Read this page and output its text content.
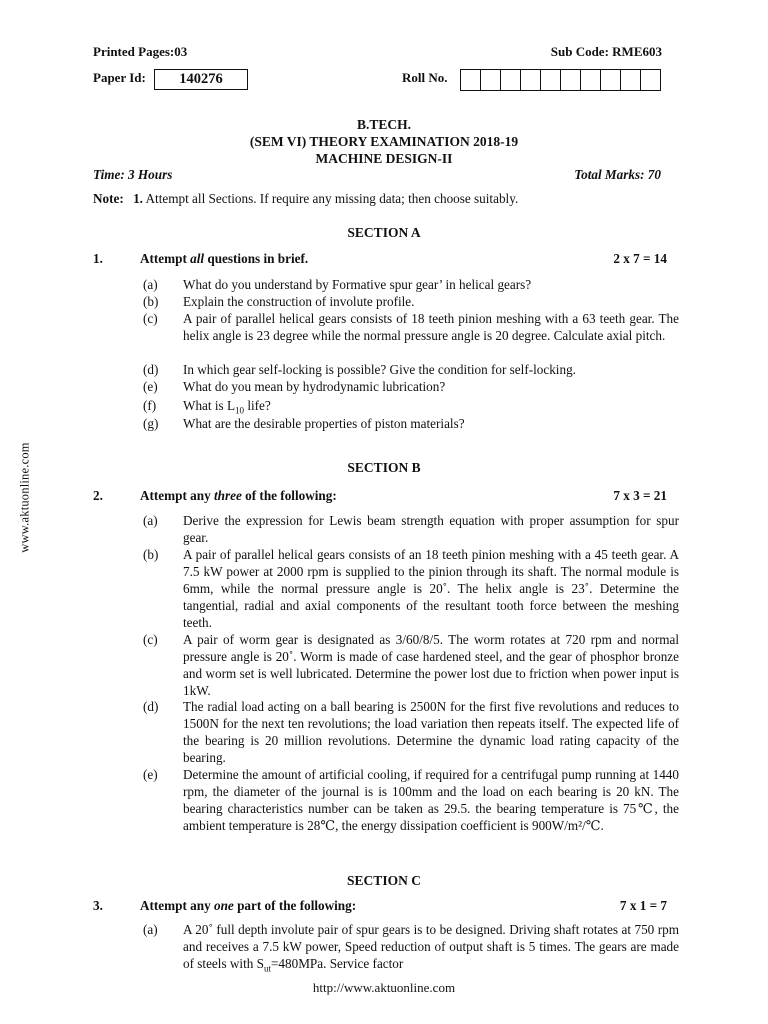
Printed Pages:03	Sub Code: RME603
Paper Id:	140276	Roll No.
B.TECH.
(SEM VI) THEORY EXAMINATION 2018-19
MACHINE DESIGN-II
Time: 3 Hours	Total Marks: 70
Note: 1. Attempt all Sections. If require any missing data; then choose suitably.
SECTION A
1.	Attempt all questions in brief.	2 x 7 = 14
(a)	What do you understand by Formative spur gear’ in helical gears?
(b)	Explain the construction of involute profile.
(c)	A pair of parallel helical gears consists of 18 teeth pinion meshing with a 63 teeth gear. The helix angle is 23 degree while the normal pressure angle is 20 degree. Calculate axial pitch.
(d)	In which gear self-locking is possible? Give the condition for self-locking.
(e)	What do you mean by hydrodynamic lubrication?
(f)	What is $L_{10}$ life?
(g)	What are the desirable properties of piston materials?
SECTION B
2.	Attempt any three of the following:	7 x 3 = 21
(a)	Derive the expression for Lewis beam strength equation with proper assumption for spur gear.
(b)	A pair of parallel helical gears consists of an 18 teeth pinion meshing with a 45 teeth gear. A 7.5 kW power at 2000 rpm is supplied to the pinion through its shaft. The normal module is 6mm, while the normal pressure angle is 20˚. The helix angle is 23˚. Determine the tangential, radial and axial components of the resultant tooth force between the meshing teeth.
(c)	A pair of worm gear is designated as 3/60/8/5. The worm rotates at 720 rpm and normal pressure angle is 20˚. Worm is made of case hardened steel, and the gear of phosphor bronze and worm set is well lubricated. Determine the power lost due to friction when power input is 1kW.
(d)	The radial load acting on a ball bearing is 2500N for the first five revolutions and reduces to 1500N for the next ten revolutions; the load variation then repeats itself. The expected life of the bearing is 20 million revolutions. Determine the dynamic load rating capacity of the bearing.
(e)	Determine the amount of artificial cooling, if required for a centrifugal pump running at 1440 rpm, the diameter of the journal is is 100mm and the load on each bearing is 20 kN. The bearing characteristics number can be taken as 29.5. the bearing temperature is 75℃, the ambient temperature is 28℃, the energy dissipation coefficient is 900W/m²/℃.
SECTION C
3.	Attempt any one part of the following:	7 x 1 = 7
(a)	A 20˚ full depth involute pair of spur gears is to be designed. Driving shaft rotates at 750 rpm and receives a 7.5 kW power, Speed reduction of output shaft is 5 times. The gears are made of steels with $S_{ut}=480MPa$. Service factor
www.aktuonline.com
http://www.aktuonline.com
